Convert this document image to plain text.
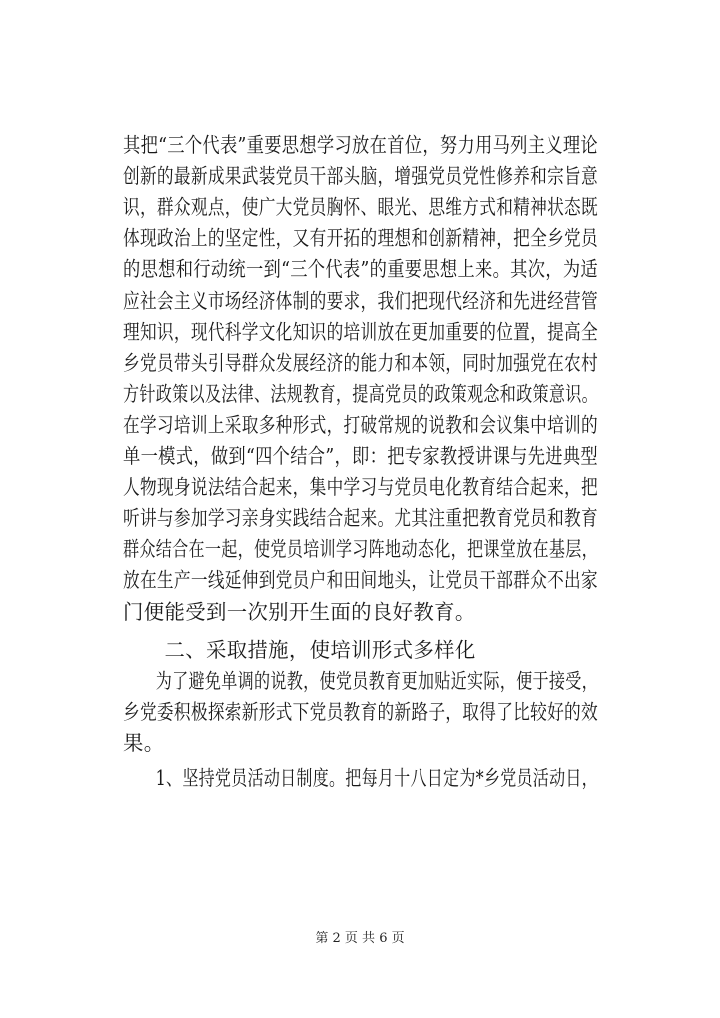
其把“三个代表”重要思想学习放在首位，努力用马列主义理论
创新的最新成果武装党员干部头脑，增强党员党性修养和宗旨意
识，群众观点，使广大党员胸怀、眼光、思维方式和精神状态既
体现政治上的坚定性，又有开拓的理想和创新精神，把全乡党员
的思想和行动统一到“三个代表”的重要思想上来。其次，为适
应社会主义市场经济体制的要求，我们把现代经济和先进经营管
理知识，现代科学文化知识的培训放在更加重要的位置，提高全
乡党员带头引导群众发展经济的能力和本领，同时加强党在农村
方针政策以及法律、法规教育，提高党员的政策观念和政策意识。
在学习培训上采取多种形式，打破常规的说教和会议集中培训的
单一模式，做到“四个结合”，即：把专家教授讲课与先进典型
人物现身说法结合起来，集中学习与党员电化教育结合起来，把
听讲与参加学习亲身实践结合起来。尤其注重把教育党员和教育
群众结合在一起，使党员培训学习阵地动态化，把课堂放在基层，
放在生产一线延伸到党员户和田间地头，让党员干部群众不出家
门便能受到一次别开生面的良好教育。
　　二、采取措施，使培训形式多样化
　　为了避免单调的说教，使党员教育更加贴近实际，便于接受，
乡党委积极探索新形式下党员教育的新路子，取得了比较好的效
果。
　　1、坚持党员活动日制度。把每月十八日定为*乡党员活动日，
第 2 页 共 6 页
